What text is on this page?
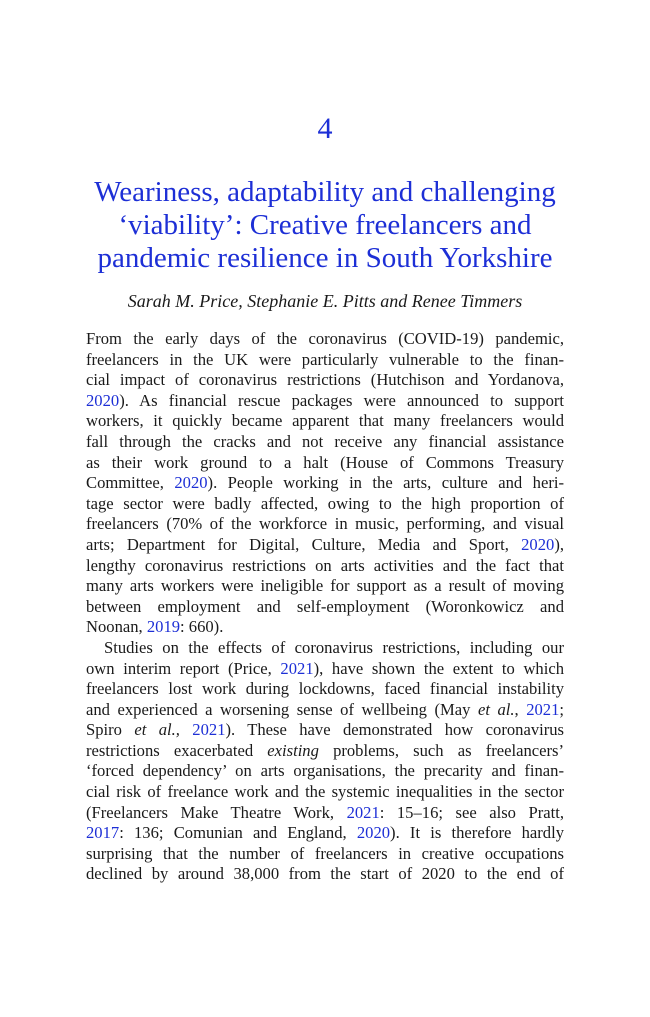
4
Weariness, adaptability and challenging
‘viability’: Creative freelancers and
pandemic resilience in South Yorkshire
Sarah M. Price, Stephanie E. Pitts and Renee Timmers
From the early days of the coronavirus (COVID-19) pandemic,
freelancers in the UK were particularly vulnerable to the finan-
cial impact of coronavirus restrictions (Hutchison and Yordanova,
2020). As financial rescue packages were announced to support
workers, it quickly became apparent that many freelancers would
fall through the cracks and not receive any financial assistance
as their work ground to a halt (House of Commons Treasury
Committee, 2020). People working in the arts, culture and heri-
tage sector were badly affected, owing to the high proportion of
freelancers (70% of the workforce in music, performing, and visual
arts; Department for Digital, Culture, Media and Sport, 2020),
lengthy coronavirus restrictions on arts activities and the fact that
many arts workers were ineligible for support as a result of moving
between employment and self-employment (Woronkowicz and
Noonan, 2019: 660).
Studies on the effects of coronavirus restrictions, including our
own interim report (Price, 2021), have shown the extent to which
freelancers lost work during lockdowns, faced financial instability
and experienced a worsening sense of wellbeing (May et al., 2021;
Spiro et al., 2021). These have demonstrated how coronavirus
restrictions exacerbated existing problems, such as freelancers’
‘forced dependency’ on arts organisations, the precarity and finan-
cial risk of freelance work and the systemic inequalities in the sector
(Freelancers Make Theatre Work, 2021: 15–16; see also Pratt,
2017: 136; Comunian and England, 2020). It is therefore hardly
surprising that the number of freelancers in creative occupations
declined by around 38,000 from the start of 2020 to the end of
